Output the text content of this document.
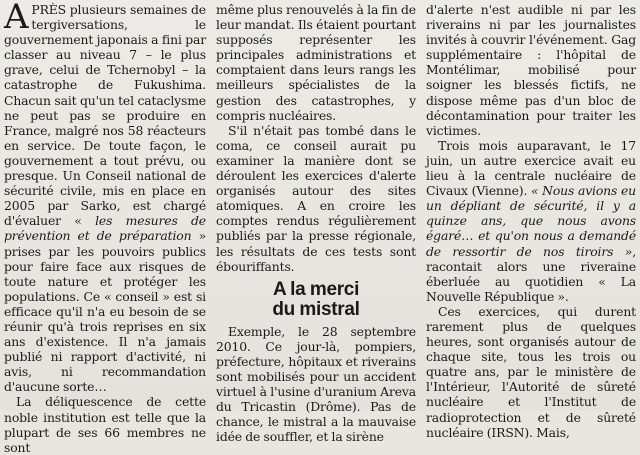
APRÈS plusieurs semaines de tergiversations, le gouvernement japonais a fini par classer au niveau 7 – le plus grave, celui de Tchernobyl – la catastrophe de Fukushima. Chacun sait qu'un tel cataclysme ne peut pas se produire en France, malgré nos 58 réacteurs en service. De toute façon, le gouvernement a tout prévu, ou presque. Un Conseil national de sécurité civile, mis en place en 2005 par Sarko, est chargé d'évaluer « les mesures de prévention et de préparation » prises par les pouvoirs publics pour faire face aux risques de toute nature et protéger les populations. Ce « conseil » est si efficace qu'il n'a eu besoin de se réunir qu'à trois reprises en six ans d'existence. Il n'a jamais publié ni rapport d'activité, ni avis, ni recommandation d'aucune sorte…

La déliquescence de cette noble institution est telle que la plupart de ses 66 membres ne sont

même plus renouvelés à la fin de leur mandat. Ils étaient pourtant supposés représenter les principales administrations et comptaient dans leurs rangs les meilleurs spécialistes de la gestion des catastrophes, y compris nucléaires.

S'il n'était pas tombé dans le coma, ce conseil aurait pu examiner la manière dont se déroulent les exercices d'alerte organisés autour des sites atomiques. A en croire les comptes rendus régulièrement publiés par la presse régionale, les résultats de ces tests sont ébouriffants.

A la merci
du mistral

Exemple, le 28 septembre 2010. Ce jour-là, pompiers, préfecture, hôpitaux et riverains sont mobilisés pour un accident virtuel à l'usine d'uranium Areva du Tricastin (Drôme). Pas de chance, le mistral a la mauvaise idée de souffler, et la sirène

d'alerte n'est audible ni par les riverains ni par les journalistes invités à couvrir l'événement. Gag supplémentaire : l'hôpital de Montélimar, mobilisé pour soigner les blessés fictifs, ne dispose même pas d'un bloc de décontamination pour traiter les victimes.

Trois mois auparavant, le 17 juin, un autre exercice avait eu lieu à la centrale nucléaire de Civaux (Vienne). « Nous avions eu un dépliant de sécurité, il y a quinze ans, que nous avons égaré… et qu'on nous a demandé de ressortir de nos tiroirs », racontait alors une riveraine éberluée au quotidien « La Nouvelle République ».

Ces exercices, qui durent rarement plus de quelques heures, sont organisés autour de chaque site, tous les trois ou quatre ans, par le ministère de l'Intérieur, l'Autorité de sûreté nucléaire et l'Institut de radioprotection et de sûreté nucléaire (IRSN). Mais,
